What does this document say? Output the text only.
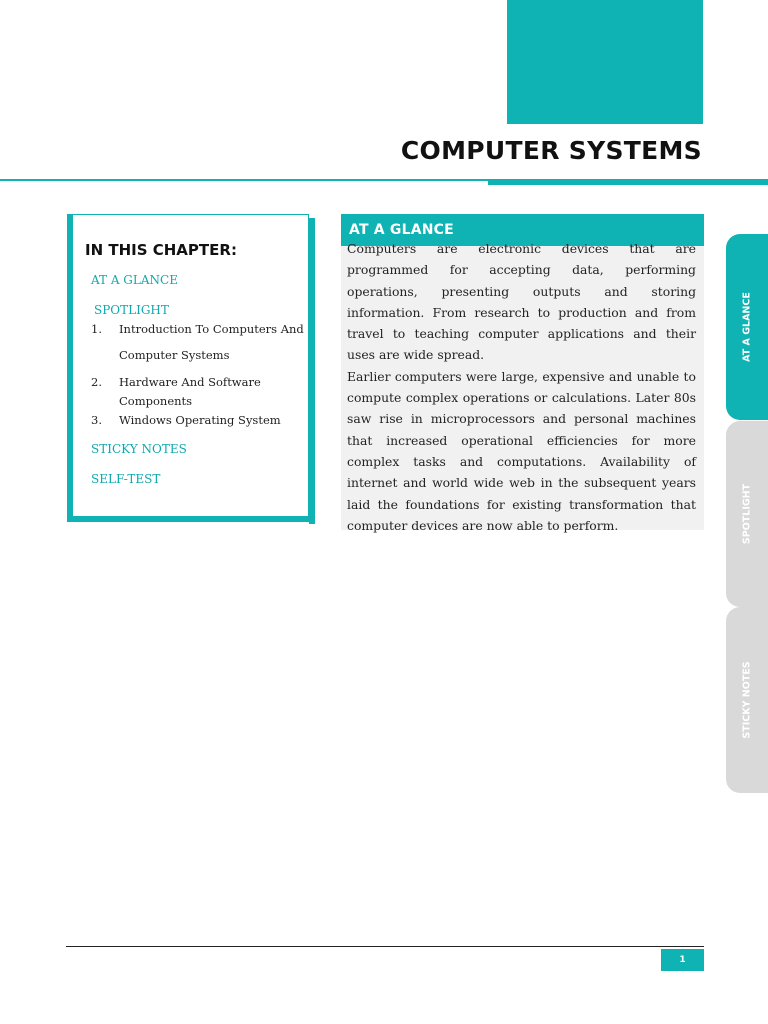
COMPUTER SYSTEMS
IN THIS CHAPTER:
AT A GLANCE
SPOTLIGHT
1. Introduction To Computers And
Computer Systems
2. Hardware And Software
Components
3. Windows Operating System
STICKY NOTES
SELF-TEST

Computers are electronic devices that are programmed for accepting data, performing operations, presenting outputs and storing information. From research to production and from travel to teaching computer applications and their uses are wide spread.

Earlier computers were large, expensive and unable to compute complex operations or calculations. Later 80s saw rise in microprocessors and personal machines that increased operational efficiencies for more complex tasks and computations. Availability of internet and world wide web in the subsequent years laid the foundations for existing transformation that computer devices are now able to perform.

AT A GLANCE
AT A GLANCE
SPOTLIGHT
STICKY NOTES
1
